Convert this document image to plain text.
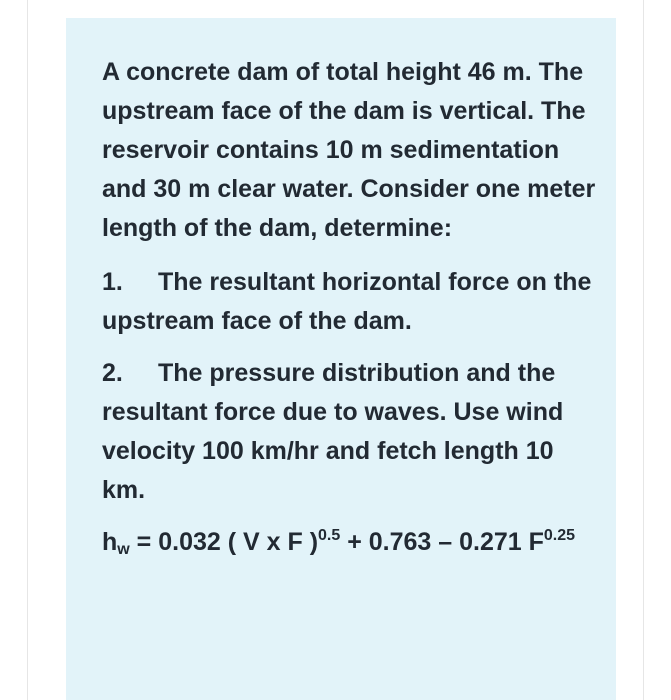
A concrete dam of total height 46 m. The upstream face of the dam is vertical. The reservoir contains 10 m sedimentation and 30 m clear water. Consider one meter length of the dam, determine:

1. The resultant horizontal force on the upstream face of the dam.

2. The pressure distribution and the resultant force due to waves. Use wind velocity 100 km/hr and fetch length 10 km.

$h_w = 0.032$ ( V x F )$^{0.5}$ + 0.763 – 0.271 $F^{0.25}$
